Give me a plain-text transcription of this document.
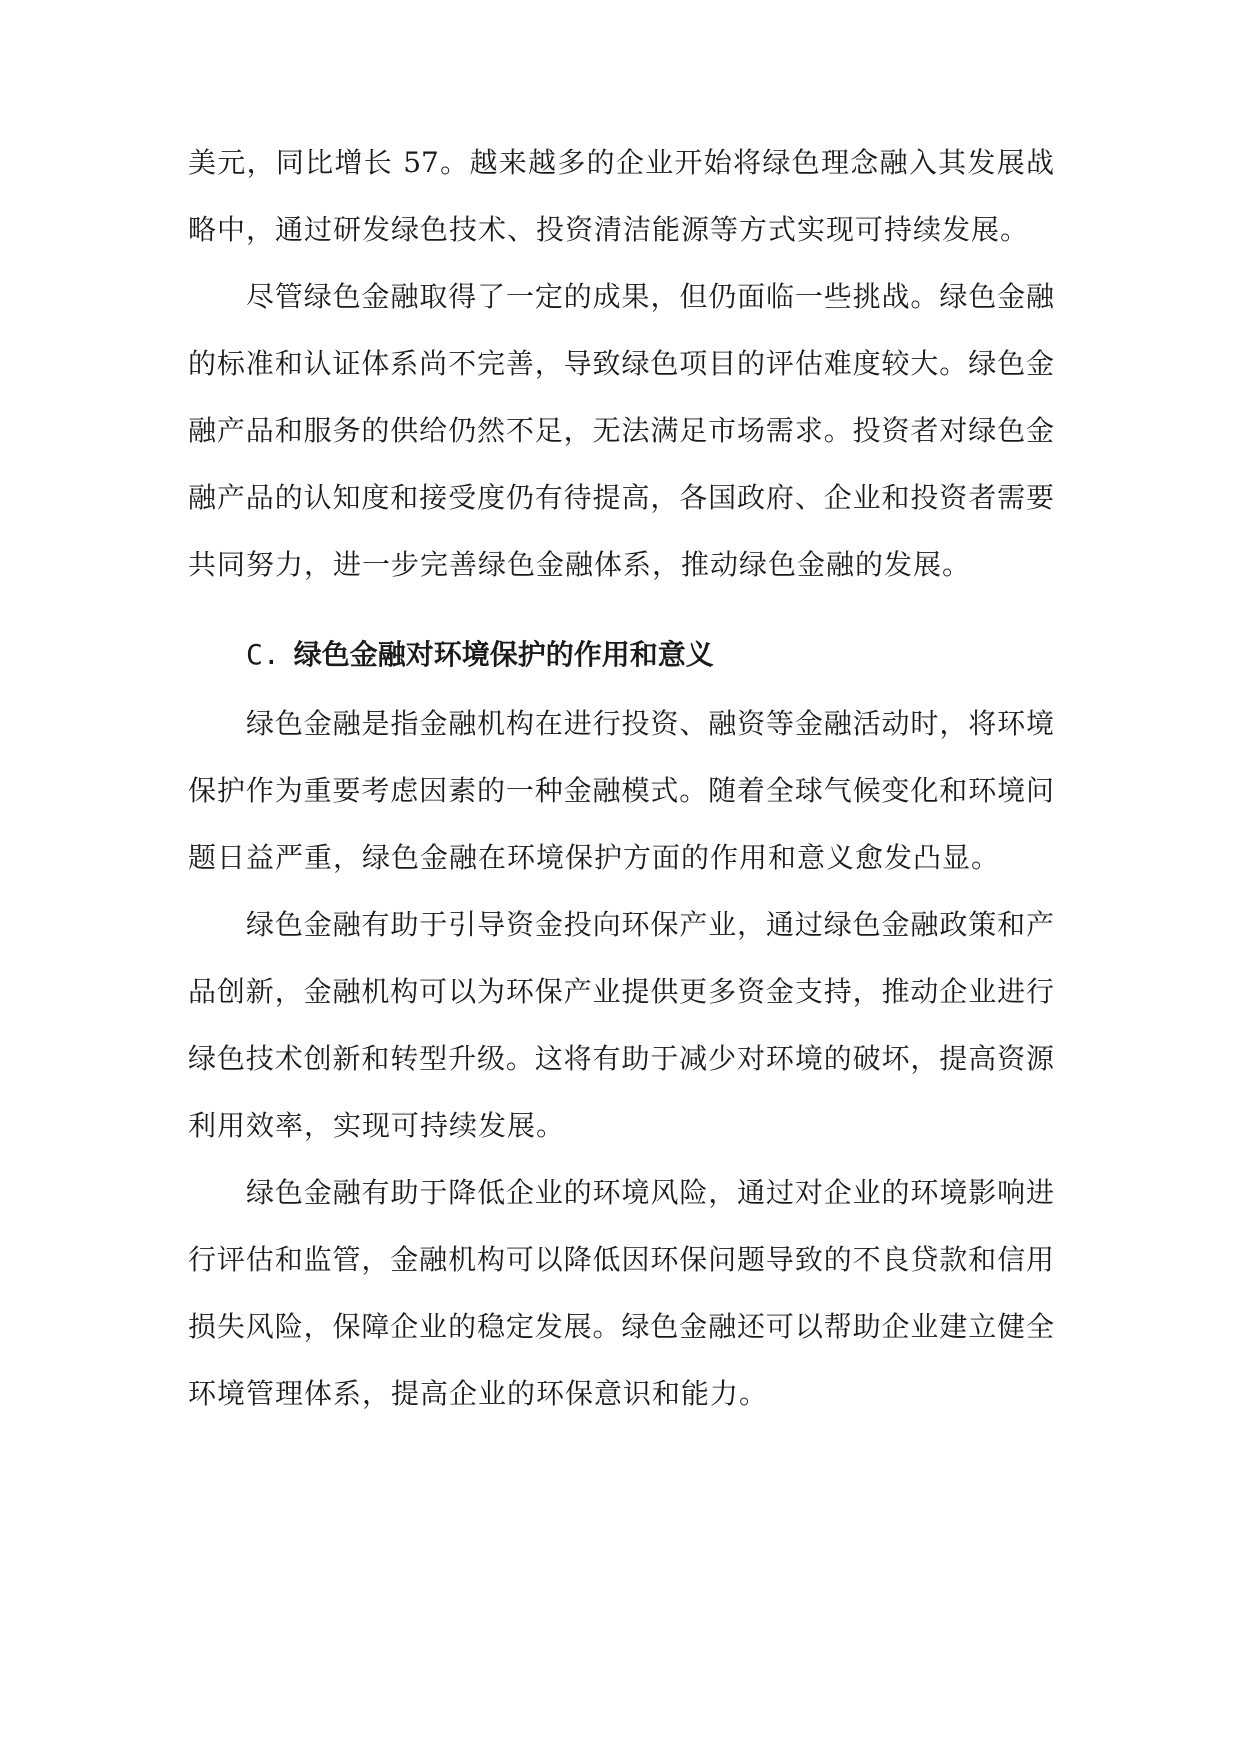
美元，同比增长 57。越来越多的企业开始将绿色理念融入其发展战
略中，通过研发绿色技术、投资清洁能源等方式实现可持续发展。
尽管绿色金融取得了一定的成果，但仍面临一些挑战。绿色金融
的标准和认证体系尚不完善，导致绿色项目的评估难度较大。绿色金
融产品和服务的供给仍然不足，无法满足市场需求。投资者对绿色金
融产品的认知度和接受度仍有待提高，各国政府、企业和投资者需要
共同努力，进一步完善绿色金融体系，推动绿色金融的发展。
C. 绿色金融对环境保护的作用和意义
绿色金融是指金融机构在进行投资、融资等金融活动时，将环境
保护作为重要考虑因素的一种金融模式。随着全球气候变化和环境问
题日益严重，绿色金融在环境保护方面的作用和意义愈发凸显。
绿色金融有助于引导资金投向环保产业，通过绿色金融政策和产
品创新，金融机构可以为环保产业提供更多资金支持，推动企业进行
绿色技术创新和转型升级。这将有助于减少对环境的破坏，提高资源
利用效率，实现可持续发展。
绿色金融有助于降低企业的环境风险，通过对企业的环境影响进
行评估和监管，金融机构可以降低因环保问题导致的不良贷款和信用
损失风险，保障企业的稳定发展。绿色金融还可以帮助企业建立健全
环境管理体系，提高企业的环保意识和能力。
